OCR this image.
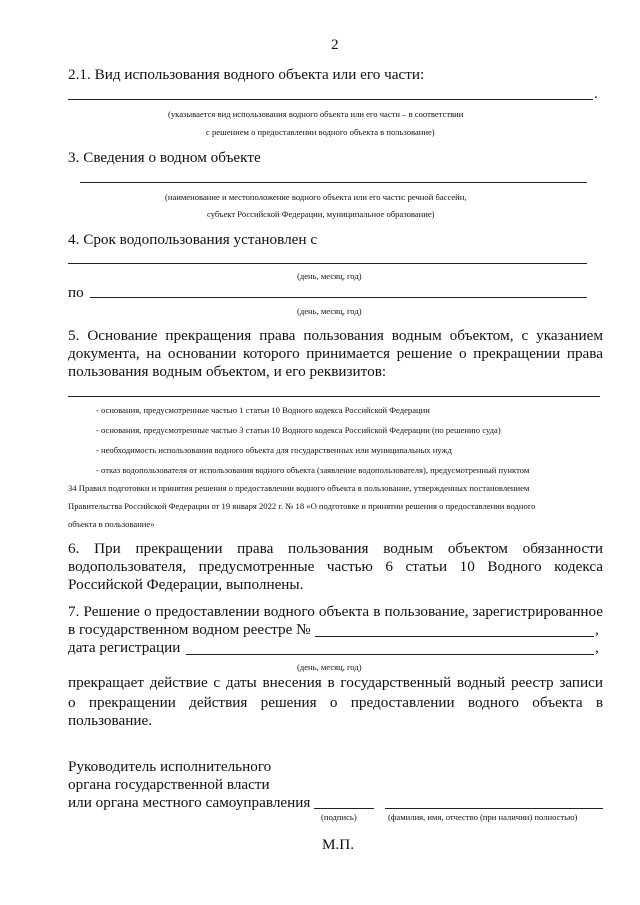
2
2.1. Вид использования водного объекта или его части:
.
(указывается вид использования водного объекта или его части – в соответствии
с решением о предоставлении водного объекта в пользование)
3. Сведения о водном объекте
(наименование и местоположение водного объекта или его части: речной бассейн,
субъект Российской Федерации, муниципальное образование)
4. Срок водопользования установлен с
(день, месяц, год)
по
(день, месяц, год)
5. Основание прекращения права пользования водным объектом, с указанием
документа, на основании которого принимается решение о прекращении права
пользования водным объектом, и его реквизитов:
- основания, предусмотренные частью 1 статьи 10 Водного кодекса Российской Федерации
- основания, предусмотренные частью 3 статьи 10 Водного кодекса Российской Федерации (по решению суда)
- необходимость использования водного объекта для государственных или муниципальных нужд
- отказ водопользователя от использования водного объекта (заявление водопользователя), предусмотренный пунктом
34 Правил подготовки и принятия решения о предоставлении водного объекта в пользование, утвержденных постановлением
Правительства Российской Федерации от 19 января 2022 г. № 18 «О подготовке и принятии решения о предоставлении водного
объекта в пользование»
6. При прекращении права пользования водным объектом обязанности
водопользователя, предусмотренные частью 6 статьи 10 Водного кодекса
Российской Федерации, выполнены.
7. Решение о предоставлении водного объекта в пользование, зарегистрированное
в государственном водном реестре №	,
дата регистрации	,
(день, месяц, год)
прекращает действие с даты внесения в государственный водный реестр записи
о прекращении действия решения о предоставлении водного объекта в
пользование.
Руководитель исполнительного
органа государственной власти
или органа местного самоуправления
(подпись)	(фамилия, имя, отчество (при наличии) полностью)
М.П.
